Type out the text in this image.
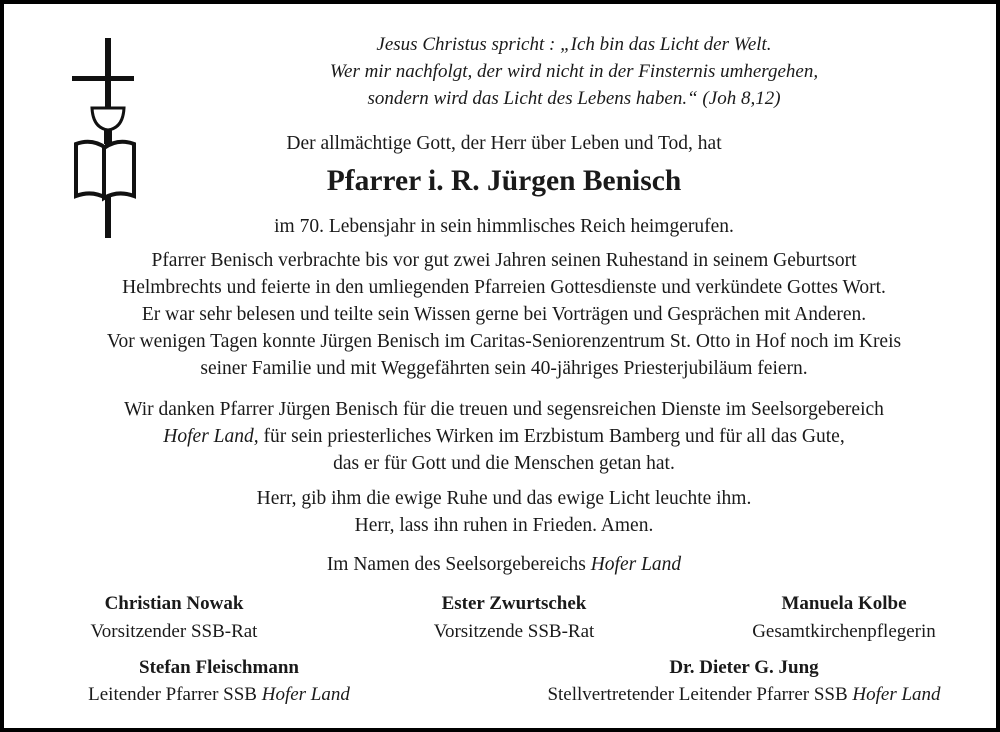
Jesus Christus spricht : „Ich bin das Licht der Welt.
Wer mir nachfolgt, der wird nicht in der Finsternis umhergehen,
sondern wird das Licht des Lebens haben.“ (Joh 8,12)
Der allmächtige Gott, der Herr über Leben und Tod, hat
Pfarrer i. R. Jürgen Benisch
im 70. Lebensjahr in sein himmlisches Reich heimgerufen.
Pfarrer Benisch verbrachte bis vor gut zwei Jahren seinen Ruhestand in seinem Geburtsort
Helmbrechts und feierte in den umliegenden Pfarreien Gottesdienste und verkündete Gottes Wort.
Er war sehr belesen und teilte sein Wissen gerne bei Vorträgen und Gesprächen mit Anderen.
Vor wenigen Tagen konnte Jürgen Benisch im Caritas-Seniorenzentrum St. Otto in Hof noch im Kreis
seiner Familie und mit Weggefährten sein 40-jähriges Priesterjubiläum feiern.
Wir danken Pfarrer Jürgen Benisch für die treuen und segensreichen Dienste im Seelsorgebereich
Hofer Land, für sein priesterliches Wirken im Erzbistum Bamberg und für all das Gute,
das er für Gott und die Menschen getan hat.
Herr, gib ihm die ewige Ruhe und das ewige Licht leuchte ihm.
Herr, lass ihn ruhen in Frieden. Amen.
Im Namen des Seelsorgebereichs Hofer Land
Christian Nowak
Vorsitzender SSB-Rat
Ester Zwurtschek
Vorsitzende SSB-Rat
Manuela Kolbe
Gesamtkirchenpflegerin
Stefan Fleischmann
Leitender Pfarrer SSB Hofer Land
Dr. Dieter G. Jung
Stellvertretender Leitender Pfarrer SSB Hofer Land
